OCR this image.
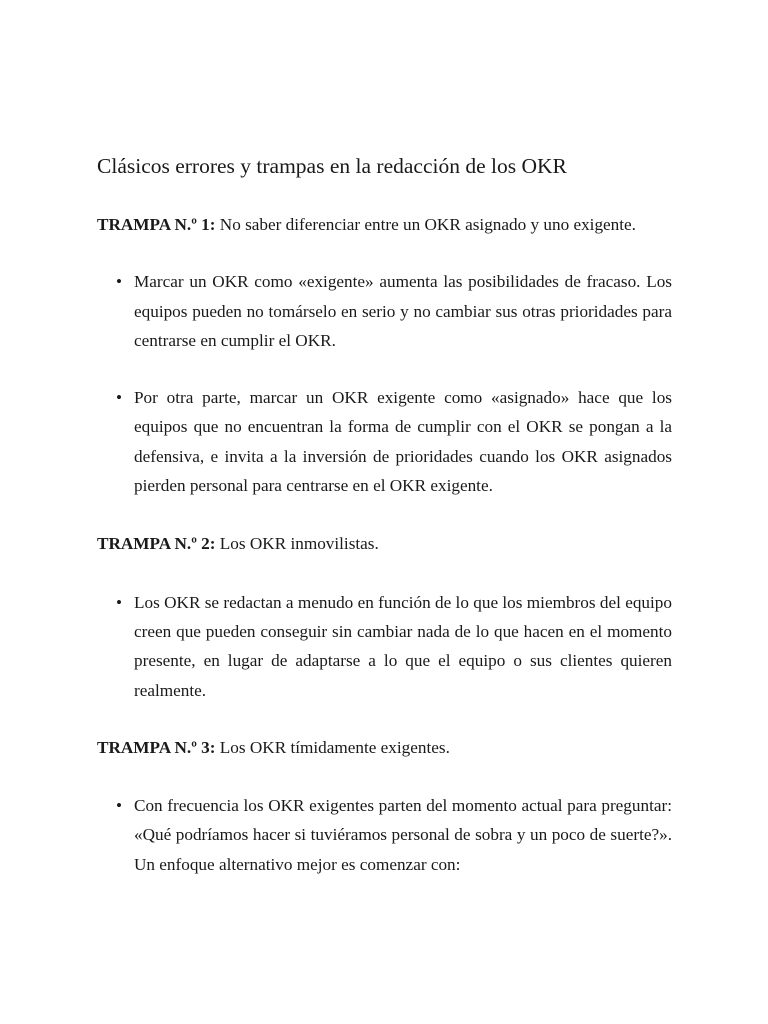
Clásicos errores y trampas en la redacción de los OKR

TRAMPA N.º 1: No saber diferenciar entre un OKR asignado y uno exigente.

• Marcar un OKR como «exigente» aumenta las posibilidades de fracaso. Los equipos pueden no tomárselo en serio y no cambiar sus otras prioridades para centrarse en cumplir el OKR.
• Por otra parte, marcar un OKR exigente como «asignado» hace que los equipos que no encuentran la forma de cumplir con el OKR se pongan a la defensiva, e invita a la inversión de prioridades cuando los OKR asignados pierden personal para centrarse en el OKR exigente.

TRAMPA N.º 2: Los OKR inmovilistas.

• Los OKR se redactan a menudo en función de lo que los miembros del equipo creen que pueden conseguir sin cambiar nada de lo que hacen en el momento presente, en lugar de adaptarse a lo que el equipo o sus clientes quieren realmente.

TRAMPA N.º 3: Los OKR tímidamente exigentes.

• Con frecuencia los OKR exigentes parten del momento actual para preguntar: «Qué podríamos hacer si tuviéramos personal de sobra y un poco de suerte?». Un enfoque alternativo mejor es comenzar con:
